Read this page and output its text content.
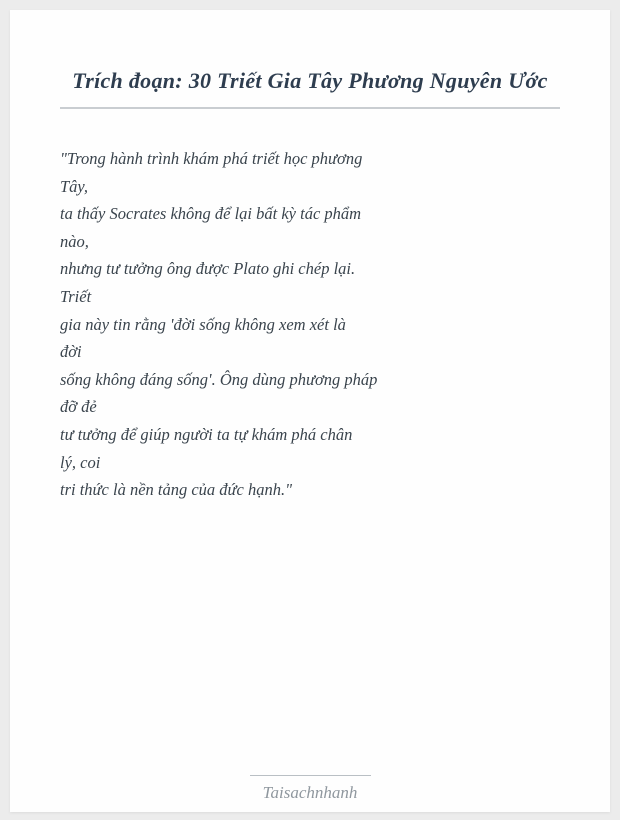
Trích đoạn: 30 Triết Gia Tây Phương Nguyên Ước
"Trong hành trình khám phá triết học phương
Tây,
ta thấy Socrates không để lại bất kỳ tác phẩm
nào,
nhưng tư tưởng ông được Plato ghi chép lại.
Triết
gia này tin rằng 'đời sống không xem xét là
đời
sống không đáng sống'. Ông dùng phương pháp
đỡ đẻ
tư tưởng để giúp người ta tự khám phá chân
lý, coi
tri thức là nền tảng của đức hạnh."
Taisachnhanh
